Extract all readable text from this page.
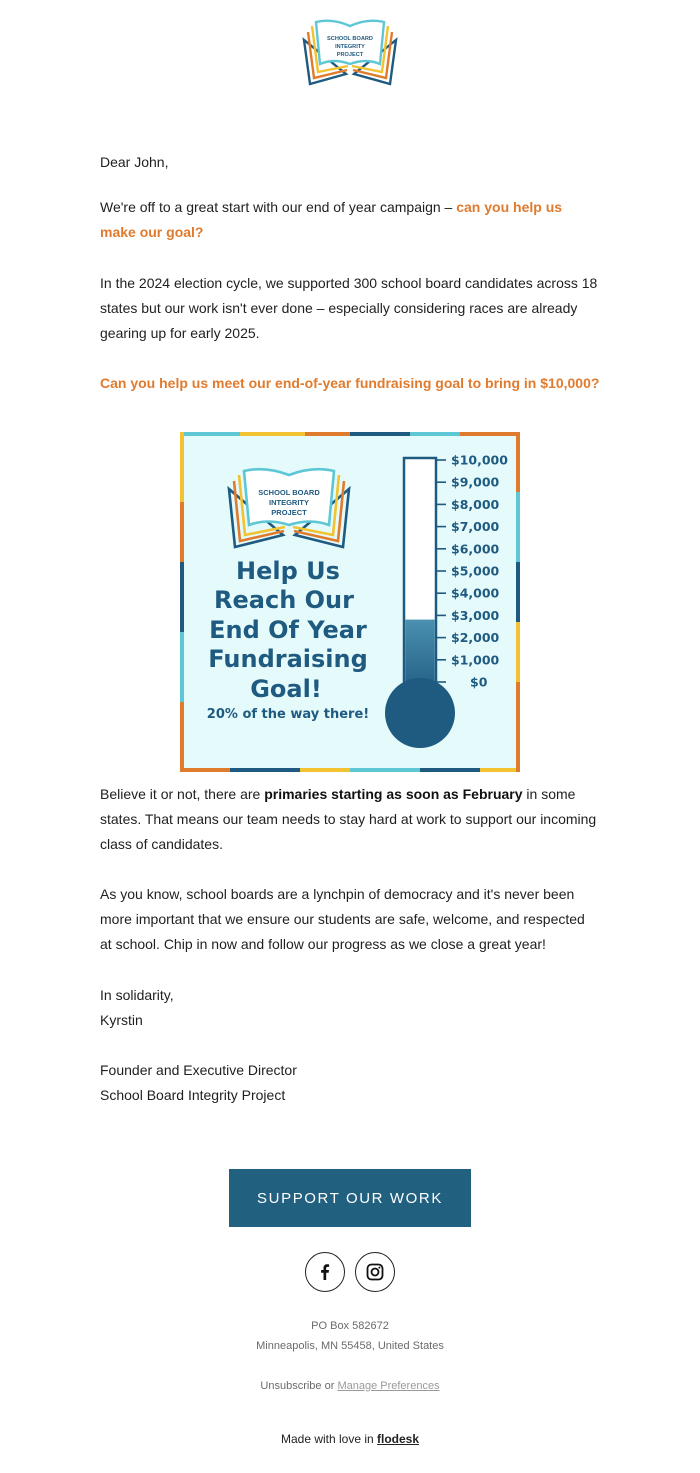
SCHOOL BOARD
INTEGRITY
PROJECT
Dear John,
We're off to a great start with our end of year campaign – can you help us make our goal?
In the 2024 election cycle, we supported 300 school board candidates across 18 states but our work isn't ever done – especially considering races are already gearing up for early 2025.
Can you help us meet our end-of-year fundraising goal to bring in $10,000?
SCHOOL BOARD
INTEGRITY
PROJECT
Help Us
Reach Our
End Of Year
Fundraising
Goal!
20% of the way there!
$10,000
$9,000
$8,000
$7,000
$6,000
$5,000
$4,000
$3,000
$2,000
$1,000
$0
Believe it or not, there are primaries starting as soon as February in some states. That means our team needs to stay hard at work to support our incoming class of candidates.
As you know, school boards are a lynchpin of democracy and it's never been more important that we ensure our students are safe, welcome, and respected at school. Chip in now and follow our progress as we close a great year!
In solidarity,
Kyrstin
Founder and Executive Director
School Board Integrity Project
SUPPORT OUR WORK
PO Box 582672
Minneapolis, MN 55458, United States
Unsubscribe or Manage Preferences
Made with love in flodesk
